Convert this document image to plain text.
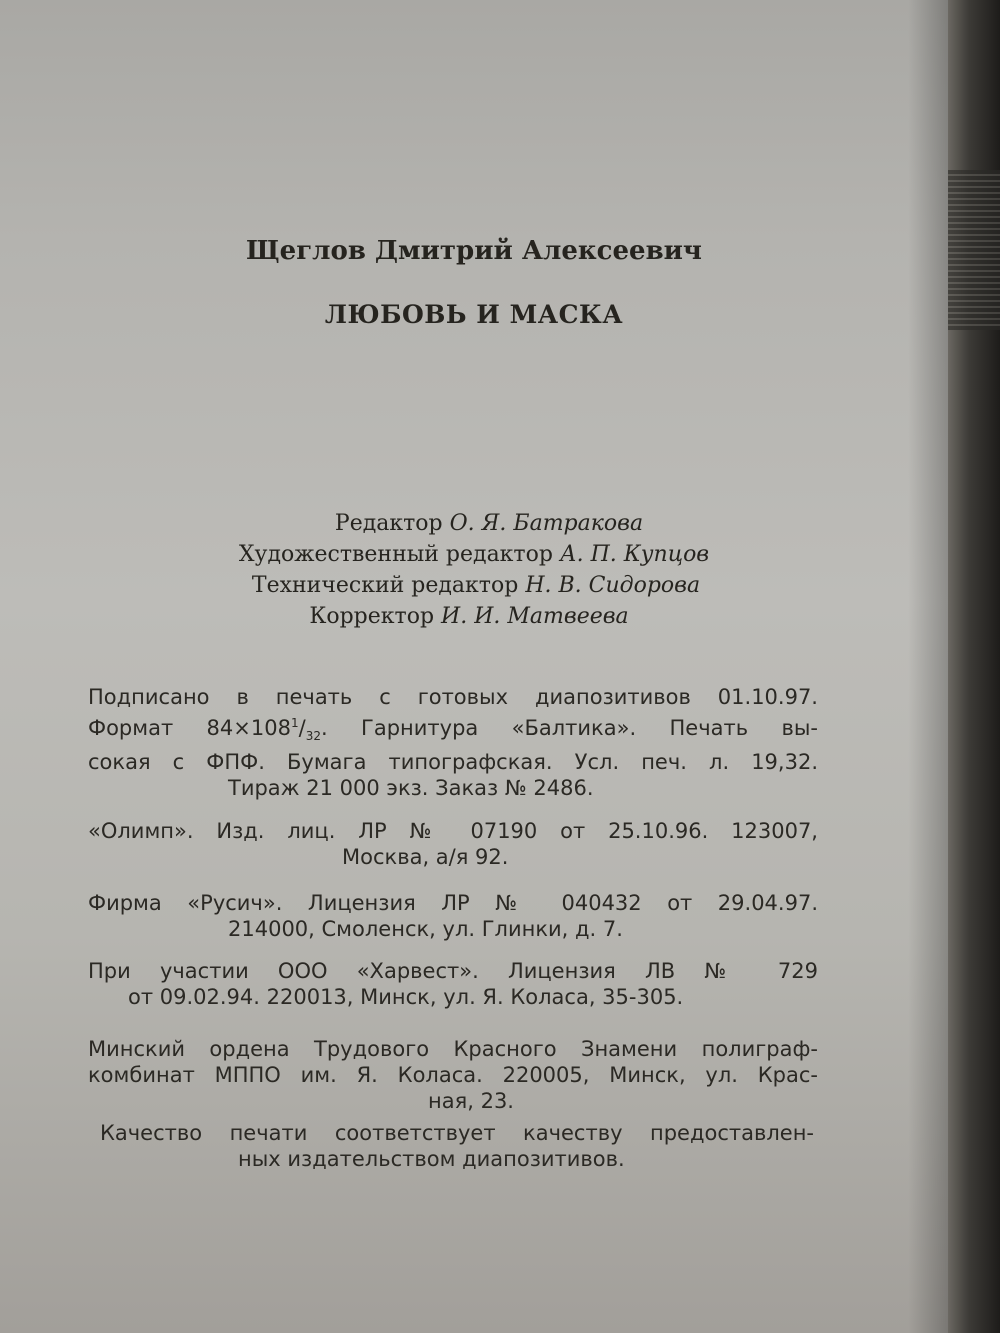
Щеглов Дмитрий Алексеевич
ЛЮБОВЬ И МАСКА
Редактор О. Я. Батракова
Художественный редактор А. П. Купцов
Технический редактор Н. В. Сидорова
Корректор И. И. Матвеева
Подписано в печать с готовых диапозитивов 01.10.97.
Формат $84\times 108^1/_{32}$. Гарнитура «Балтика». Печать вы-
сокая с ФПФ. Бумага типографская. Усл. печ. л. 19,32.
Тираж 21 000 экз. Заказ № 2486.
«Олимп». Изд. лиц. ЛР № 07190 от 25.10.96. 123007,
Москва, а/я 92.
Фирма «Русич». Лицензия ЛР № 040432 от 29.04.97.
214000, Смоленск, ул. Глинки, д. 7.
При участии ООО «Харвест». Лицензия ЛВ № 729
от 09.02.94. 220013, Минск, ул. Я. Коласа, 35-305.
Минский ордена Трудового Красного Знамени полиграф-
комбинат МППО им. Я. Коласа. 220005, Минск, ул. Крас-
ная, 23.
Качество печати соответствует качеству предоставлен-
ных издательством диапозитивов.
